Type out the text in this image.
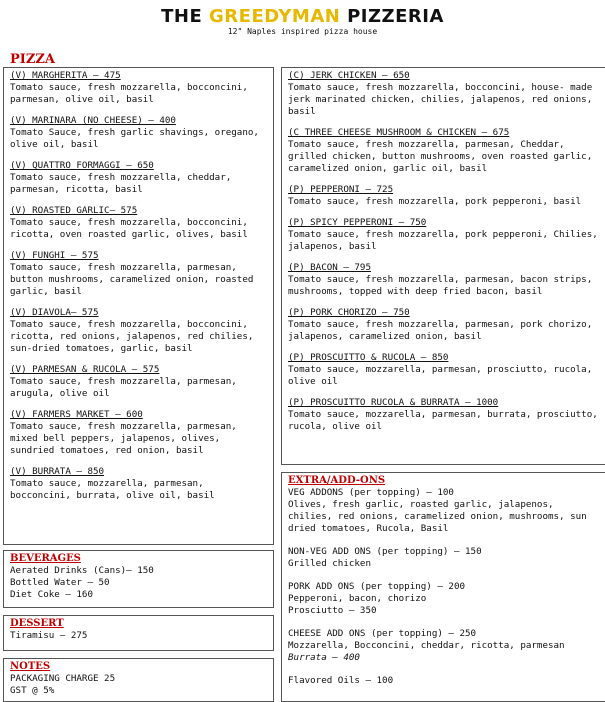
THE GREEDYMAN PIZZERIA
12" Naples inspired pizza house
PIZZA
(V) MARGHERITA – 475
Tomato sauce, fresh mozzarella, bocconcini, parmesan, olive oil, basil
(V) MARINARA (NO CHEESE) – 400
Tomato Sauce, fresh garlic shavings, oregano, olive oil, basil
(V) QUATTRO FORMAGGI – 650
Tomato sauce, fresh mozzarella, cheddar, parmesan, ricotta, basil
(V) ROASTED GARLIC– 575
Tomato sauce, fresh mozzarella, bocconcini, ricotta, oven roasted garlic, olives, basil
(V) FUNGHI – 575
Tomato sauce, fresh mozzarella, parmesan, button mushrooms, caramelized onion, roasted garlic, basil
(V) DIAVOLA– 575
Tomato sauce, fresh mozzarella, bocconcini, ricotta, red onions, jalapenos, red chilies, sun-dried tomatoes, garlic, basil
(V) PARMESAN & RUCOLA – 575
Tomato sauce, fresh mozzarella, parmesan, arugula, olive oil
(V) FARMERS MARKET – 600
Tomato sauce, fresh mozzarella, parmesan, mixed bell peppers, jalapenos, olives, sundried tomatoes, red onion, basil
(V) BURRATA – 850
Tomato sauce, mozzarella, parmesan, bocconcini, burrata, olive oil, basil
(C) JERK CHICKEN – 650
Tomato sauce, fresh mozzarella, bocconcini, house- made jerk marinated chicken, chilies, jalapenos, red onions, basil
(C THREE CHEESE MUSHROOM & CHICKEN – 675
Tomato sauce, fresh mozzarella, parmesan, Cheddar, grilled chicken, button mushrooms, oven roasted garlic, caramelized onion, garlic oil, basil
(P) PEPPERONI – 725
Tomato sauce, fresh mozzarella, pork pepperoni, basil
(P) SPICY PEPPERONI – 750
Tomato sauce, fresh mozzarella, pork pepperoni, Chilies, jalapenos, basil
(P) BACON – 795
Tomato sauce, fresh mozzarella, parmesan, bacon strips, mushrooms, topped with deep fried bacon, basil
(P) PORK CHORIZO – 750
Tomato sauce, fresh mozzarella, parmesan, pork chorizo, jalapenos, caramelized onion, basil
(P) PROSCUITTO & RUCOLA – 850
Tomato sauce, mozzarella, parmesan, prosciutto, rucola, olive oil
(P) PROSCUITTO RUCOLA & BURRATA – 1000
Tomato sauce, mozzarella, parmesan, burrata, prosciutto, rucola, olive oil
BEVERAGES
Aerated Drinks (Cans)– 150
Bottled Water – 50
Diet Coke – 160
DESSERT
Tiramisu – 275
NOTES
PACKAGING CHARGE 25
GST @ 5%
EXTRA/ADD-ONS
VEG ADDONS (per topping) – 100
Olives, fresh garlic, roasted garlic, jalapenos, chilies, red onions, caramelized onion, mushrooms, sun dried tomatoes, Rucola, Basil
NON-VEG ADD ONS (per topping) – 150
Grilled chicken
PORK ADD ONS (per topping) – 200
Pepperoni, bacon, chorizo
Prosciutto – 350
CHEESE ADD ONS (per topping) – 250
Mozzarella, Bocconcini, cheddar, ricotta, parmesan
Burrata – 400
Flavored Oils – 100
